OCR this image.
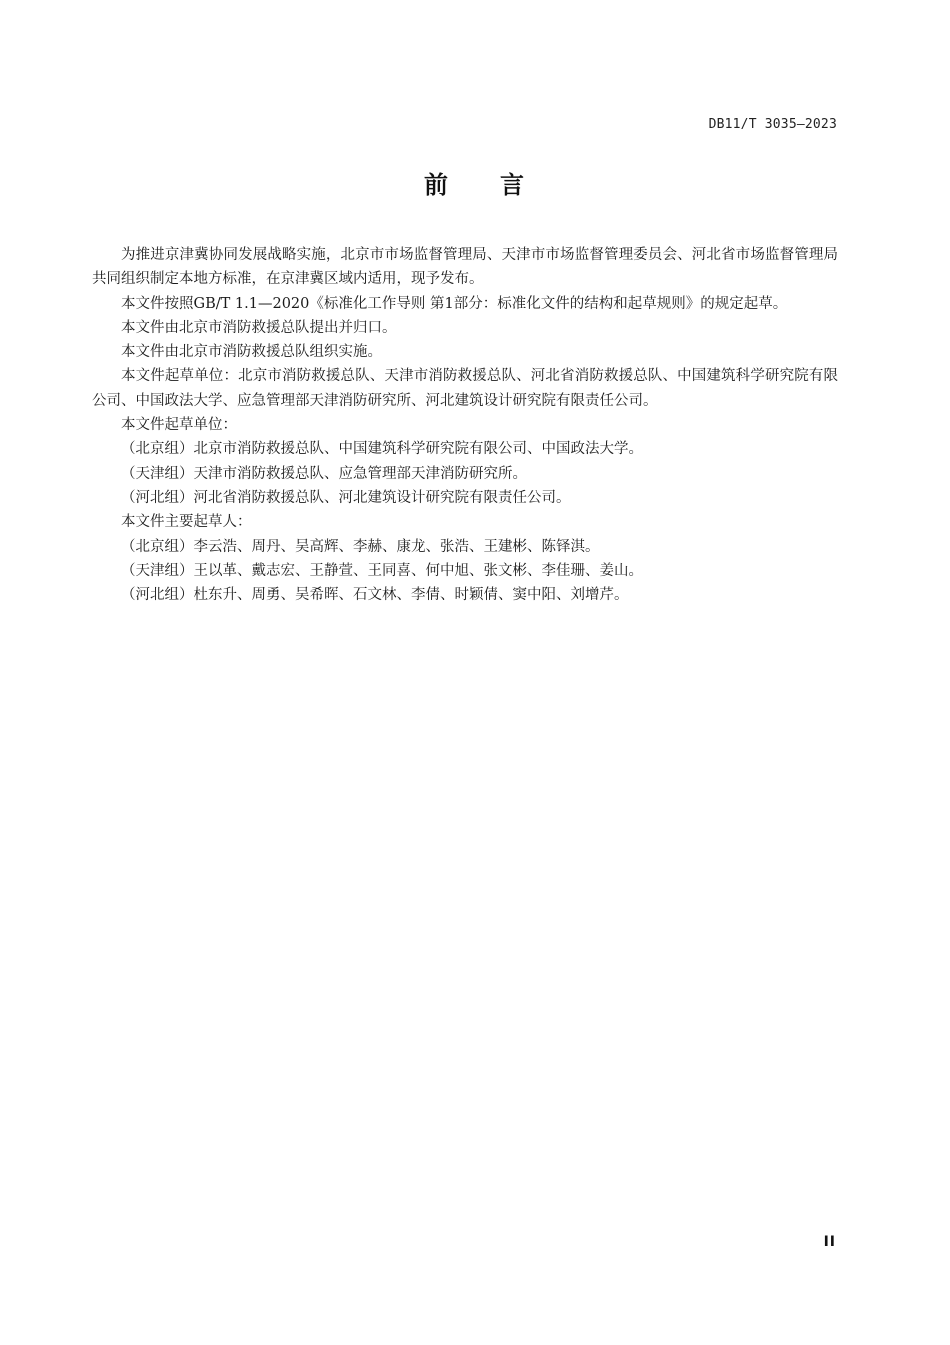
DB11/T 3035—2023
前 言

为推进京津冀协同发展战略实施，北京市市场监督管理局、天津市市场监督管理委员会、河北省市场监督管理局共同组织制定本地方标准，在京津冀区域内适用，现予发布。

本文件按照GB/T 1.1—2020《标准化工作导则 第1部分：标准化文件的结构和起草规则》的规定起草。

本文件由北京市消防救援总队提出并归口。

本文件由北京市消防救援总队组织实施。

本文件起草单位：北京市消防救援总队、天津市消防救援总队、河北省消防救援总队、中国建筑科学研究院有限公司、中国政法大学、应急管理部天津消防研究所、河北建筑设计研究院有限责任公司。

本文件起草单位：

（北京组）北京市消防救援总队、中国建筑科学研究院有限公司、中国政法大学。

（天津组）天津市消防救援总队、应急管理部天津消防研究所。

（河北组）河北省消防救援总队、河北建筑设计研究院有限责任公司。

本文件主要起草人：

（北京组）李云浩、周丹、吴高辉、李赫、康龙、张浩、王建彬、陈铎淇。

（天津组）王以革、戴志宏、王静萱、王同喜、何中旭、张文彬、李佳珊、姜山。

（河北组）杜东升、周勇、吴希晖、石文林、李倩、时颖倩、窦中阳、刘增芹。

II
